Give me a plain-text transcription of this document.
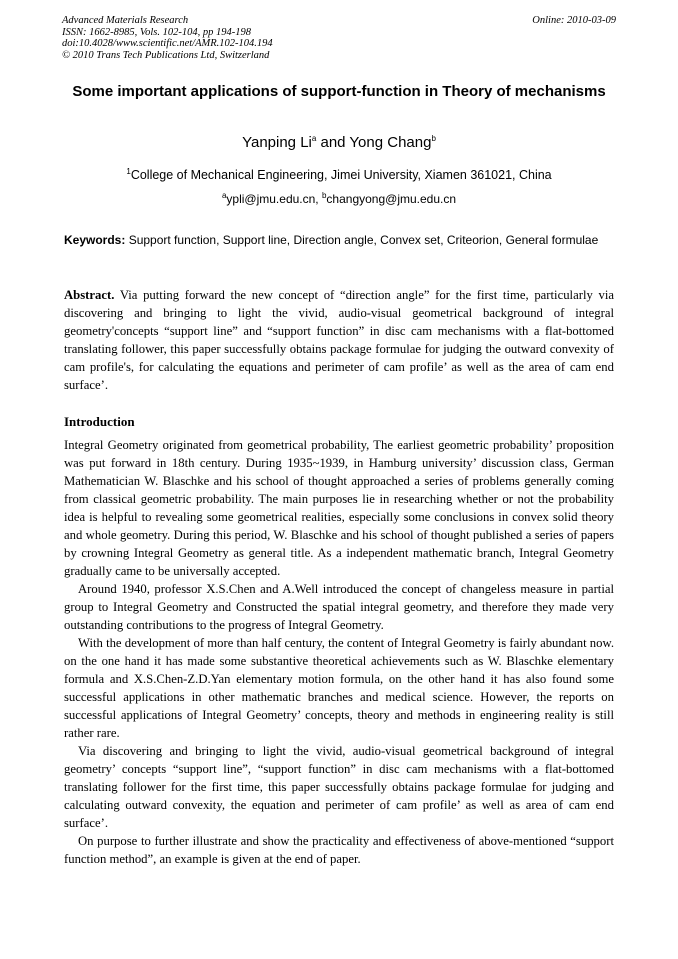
Advanced Materials Research
ISSN: 1662-8985, Vols. 102-104, pp 194-198
doi:10.4028/www.scientific.net/AMR.102-104.194
© 2010 Trans Tech Publications Ltd, Switzerland
Online: 2010-03-09
Some important applications of support-function in Theory of mechanisms
Yanping Li$^a$ and Yong Chang$^b$
$^1$College of Mechanical Engineering, Jimei University, Xiamen 361021, China
$^a$ypli@jmu.edu.cn, $^b$changyong@jmu.edu.cn
Keywords: Support function, Support line, Direction angle, Convex set, Criteorion, General formulae
Abstract. Via putting forward the new concept of “direction angle” for the first time, particularly via discovering and bringing to light the vivid, audio-visual geometrical background of integral geometry'concepts “support line” and “support function” in disc cam mechanisms with a flat-bottomed translating follower, this paper successfully obtains package formulae for judging the outward convexity of cam profile's, for calculating the equations and perimeter of cam profile’ as well as the area of cam end surface’.
Introduction

Integral Geometry originated from geometrical probability, The earliest geometric probability’ proposition was put forward in 18th century. During 1935~1939, in Hamburg university’ discussion class, German Mathematician W. Blaschke and his school of thought approached a series of problems generally coming from classical geometric probability. The main purposes lie in researching whether or not the probability idea is helpful to revealing some geometrical realities, especially some conclusions in convex solid theory and whole geometry. During this period, W. Blaschke and his school of thought published a series of papers by crowning Integral Geometry as general title. As a independent mathematic branch, Integral Geometry gradually came to be universally accepted.

Around 1940, professor X.S.Chen and A.Well introduced the concept of changeless measure in partial group to Integral Geometry and Constructed the spatial integral geometry, and therefore they made very outstanding contributions to the progress of Integral Geometry.

With the development of more than half century, the content of Integral Geometry is fairly abundant now. on the one hand it has made some substantive theoretical achievements such as W. Blaschke elementary formula and X.S.Chen-Z.D.Yan elementary motion formula, on the other hand it has also found some successful applications in other mathematic branches and medical science. However, the reports on successful applications of Integral Geometry’ concepts, theory and methods in engineering reality is still rather rare.

Via discovering and bringing to light the vivid, audio-visual geometrical background of integral geometry’ concepts “support line”, “support function” in disc cam mechanisms with a flat-bottomed translating follower for the first time, this paper successfully obtains package formulae for judging and calculating outward convexity, the equation and perimeter of cam profile’ as well as area of cam end surface’.

On purpose to further illustrate and show the practicality and effectiveness of above-mentioned “support function method”, an example is given at the end of paper.
